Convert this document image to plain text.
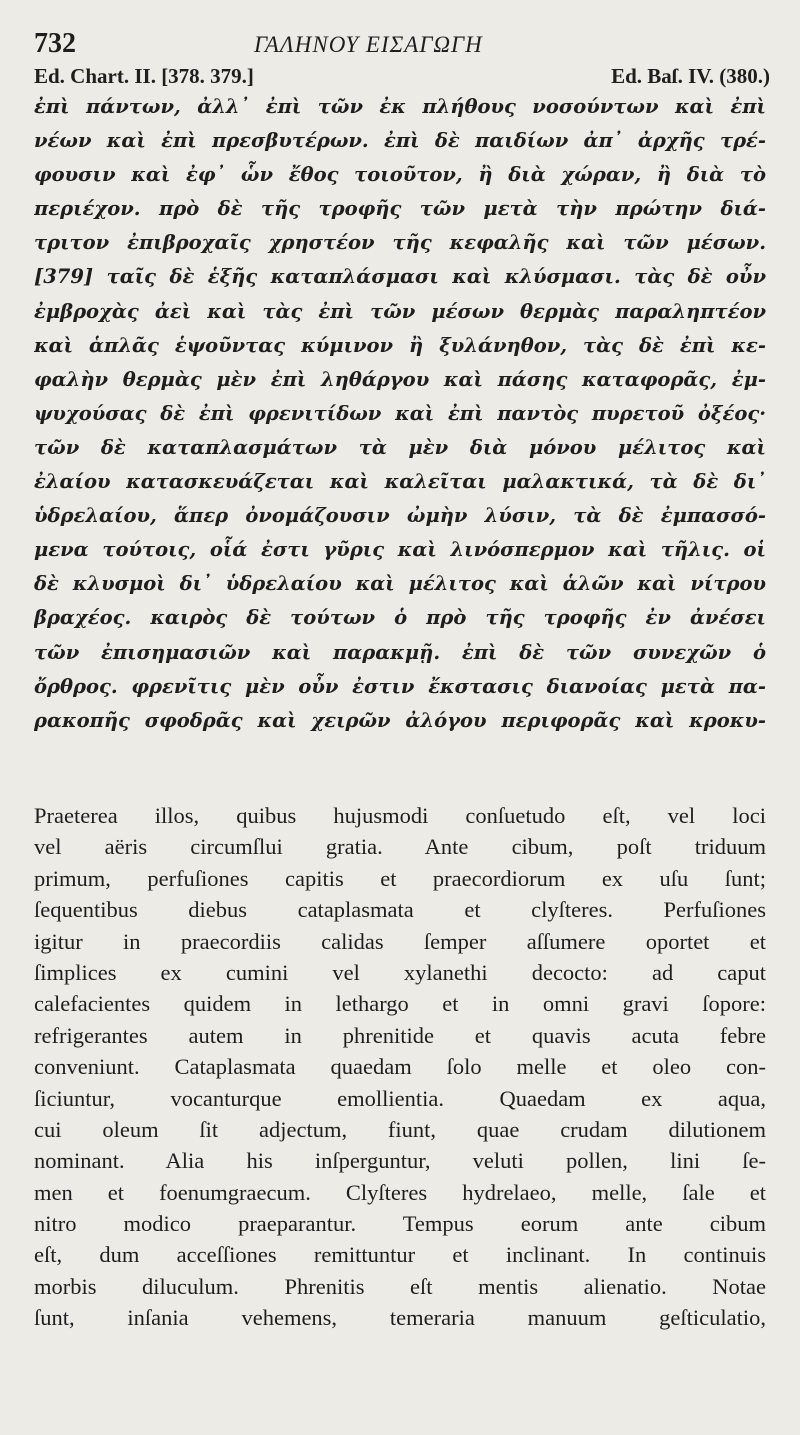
732	ΓΑΛΗΝΟΥ ΕΙΣΑΓΩΓΗ
Ed. Chart. II. [378. 379.]	Ed. Baſ. IV. (380.)
ἐπὶ πάντων, ἀλλ᾽ ἐπὶ τῶν ἐκ πλήθους νοσούντων καὶ ἐπὶ
νέων καὶ ἐπὶ πρεσβυτέρων. ἐπὶ δὲ παιδίων ἀπ᾽ ἀρχῆς τρέ-
φουσιν καὶ ἐφ᾽ ὧν ἔθος τοιοῦτον, ἢ διὰ χώραν, ἢ διὰ τὸ
περιέχον. πρὸ δὲ τῆς τροφῆς τῶν μετὰ τὴν πρώτην διά-
τριτον ἐπιβροχαῖς χρηστέον τῆς κεφαλῆς καὶ τῶν μέσων.
[379] ταῖς δὲ ἑξῆς καταπλάσμασι καὶ κλύσμασι. τὰς δὲ οὖν
ἐμβροχὰς ἀεὶ καὶ τὰς ἐπὶ τῶν μέσων θερμὰς παραληπτέον
καὶ ἁπλᾶς ἑψοῦντας κύμινον ἢ ξυλάνηθον, τὰς δὲ ἐπὶ κε-
φαλὴν θερμὰς μὲν ἐπὶ ληθάργου καὶ πάσης καταφορᾶς, ἐμ-
ψυχούσας δὲ ἐπὶ φρενιτίδων καὶ ἐπὶ παντὸς πυρετοῦ ὀξέος·
τῶν δὲ καταπλασμάτων τὰ μὲν διὰ μόνου μέλιτος καὶ
ἐλαίου κατασκευάζεται καὶ καλεῖται μαλακτικά, τὰ δὲ δι᾽
ὑδρελαίου, ἅπερ ὀνομάζουσιν ὠμὴν λύσιν, τὰ δὲ ἐμπασσό-
μενα τούτοις, οἷά ἐστι γῦρις καὶ λινόσπερμον καὶ τῆλις. οἱ
δὲ κλυσμοὶ δι᾽ ὑδρελαίου καὶ μέλιτος καὶ ἁλῶν καὶ νίτρου
βραχέος. καιρὸς δὲ τούτων ὁ πρὸ τῆς τροφῆς ἐν ἀνέσει
τῶν ἐπισημασιῶν καὶ παρακμῇ. ἐπὶ δὲ τῶν συνεχῶν ὁ
ὄρθρος. φρενῖτις μὲν οὖν ἐστιν ἔκστασις διανοίας μετὰ πα-
ρακοπῆς σφοδρᾶς καὶ χειρῶν ἀλόγου περιφορᾶς καὶ κροκυ-
Praeterea illos, quibus hujusmodi conſuetudo eſt, vel loci
vel aëris circumſlui gratia. Ante cibum, poſt triduum
primum, perfuſiones capitis et praecordiorum ex uſu ſunt;
ſequentibus diebus cataplasmata et clyſteres. Perfuſiones
igitur in praecordiis calidas ſemper aſſumere oportet et
ſimplices ex cumini vel xylanethi decocto: ad caput
calefacientes quidem in lethargo et in omni gravi ſopore:
refrigerantes autem in phrenitide et quavis acuta febre
conveniunt. Cataplasmata quaedam ſolo melle et oleo con-
ſiciuntur, vocanturque emollientia. Quaedam ex aqua,
cui oleum ſit adjectum, fiunt, quae crudam dilutionem
nominant. Alia his inſperguntur, veluti pollen, lini ſe-
men et foenumgraecum. Clyſteres hydrelaeo, melle, ſale et
nitro modico praeparantur. Tempus eorum ante cibum
eſt, dum acceſſiones remittuntur et inclinant. In continuis
morbis diluculum. Phrenitis eſt mentis alienatio. Notae
ſunt, inſania vehemens, temeraria manuum geſticulatio,
